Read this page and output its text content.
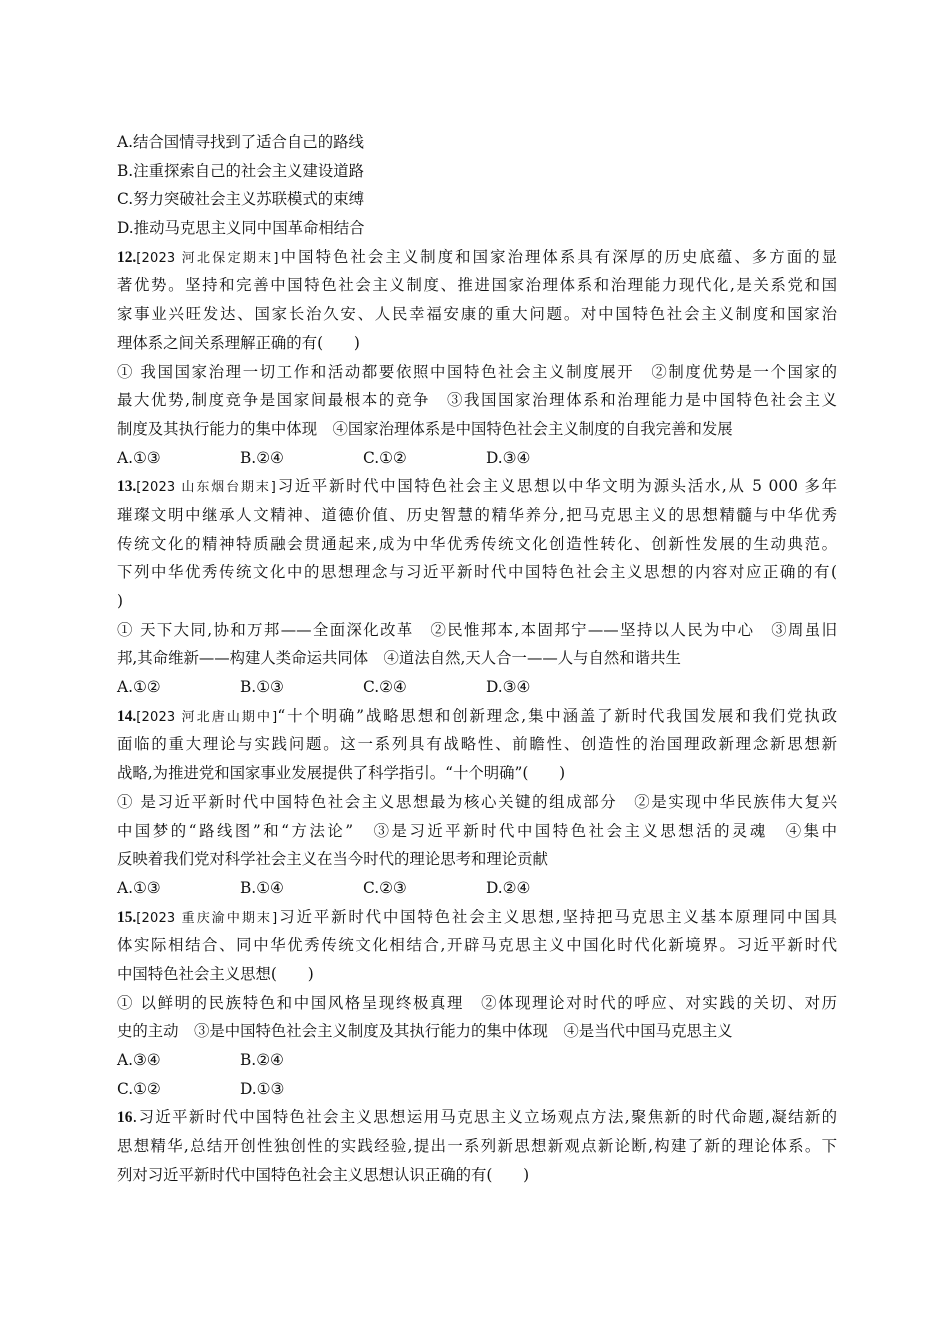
A.结合国情寻找到了适合自己的路线
B.注重探索自己的社会主义建设道路
C.努力突破社会主义苏联模式的束缚
D.推动马克思主义同中国革命相结合
12.[2023 河北保定期末]中国特色社会主义制度和国家治理体系具有深厚的历史底蕴、多方面的显
著优势。坚持和完善中国特色社会主义制度、推进国家治理体系和治理能力现代化,是关系党和国
家事业兴旺发达、国家长治久安、人民幸福安康的重大问题。对中国特色社会主义制度和国家治
理体系之间关系理解正确的有(　　)
① 我国国家治理一切工作和活动都要依照中国特色社会主义制度展开　②制度优势是一个国家的
最大优势,制度竞争是国家间最根本的竞争　③我国国家治理体系和治理能力是中国特色社会主义
制度及其执行能力的集中体现　④国家治理体系是中国特色社会主义制度的自我完善和发展
A.①③	B.②④	C.①②	D.③④
13.[2023 山东烟台期末]习近平新时代中国特色社会主义思想以中华文明为源头活水,从 5 000 多年
璀璨文明中继承人文精神、道德价值、历史智慧的精华养分,把马克思主义的思想精髓与中华优秀
传统文化的精神特质融会贯通起来,成为中华优秀传统文化创造性转化、创新性发展的生动典范。
下列中华优秀传统文化中的思想理念与习近平新时代中国特色社会主义思想的内容对应正确的有(
)
① 天下大同,协和万邦——全面深化改革　②民惟邦本,本固邦宁——坚持以人民为中心　③周虽旧
邦,其命维新——构建人类命运共同体　④道法自然,天人合一——人与自然和谐共生
A.①②	B.①③	C.②④	D.③④
14.[2023 河北唐山期中]“十个明确”战略思想和创新理念,集中涵盖了新时代我国发展和我们党执政
面临的重大理论与实践问题。这一系列具有战略性、前瞻性、创造性的治国理政新理念新思想新
战略,为推进党和国家事业发展提供了科学指引。“十个明确”(　　)
① 是习近平新时代中国特色社会主义思想最为核心关键的组成部分　②是实现中华民族伟大复兴
中国梦的“路线图”和“方法论”　③是习近平新时代中国特色社会主义思想活的灵魂　④集中
反映着我们党对科学社会主义在当今时代的理论思考和理论贡献
A.①③	B.①④	C.②③	D.②④
15.[2023 重庆渝中期末]习近平新时代中国特色社会主义思想,坚持把马克思主义基本原理同中国具
体实际相结合、同中华优秀传统文化相结合,开辟马克思主义中国化时代化新境界。习近平新时代
中国特色社会主义思想(　　)
① 以鲜明的民族特色和中国风格呈现终极真理　②体现理论对时代的呼应、对实践的关切、对历
史的主动　③是中国特色社会主义制度及其执行能力的集中体现　④是当代中国马克思主义
A.③④	B.②④
C.①②	D.①③
16.习近平新时代中国特色社会主义思想运用马克思主义立场观点方法,聚焦新的时代命题,凝结新的
思想精华,总结开创性独创性的实践经验,提出一系列新思想新观点新论断,构建了新的理论体系。下
列对习近平新时代中国特色社会主义思想认识正确的有(　　)
